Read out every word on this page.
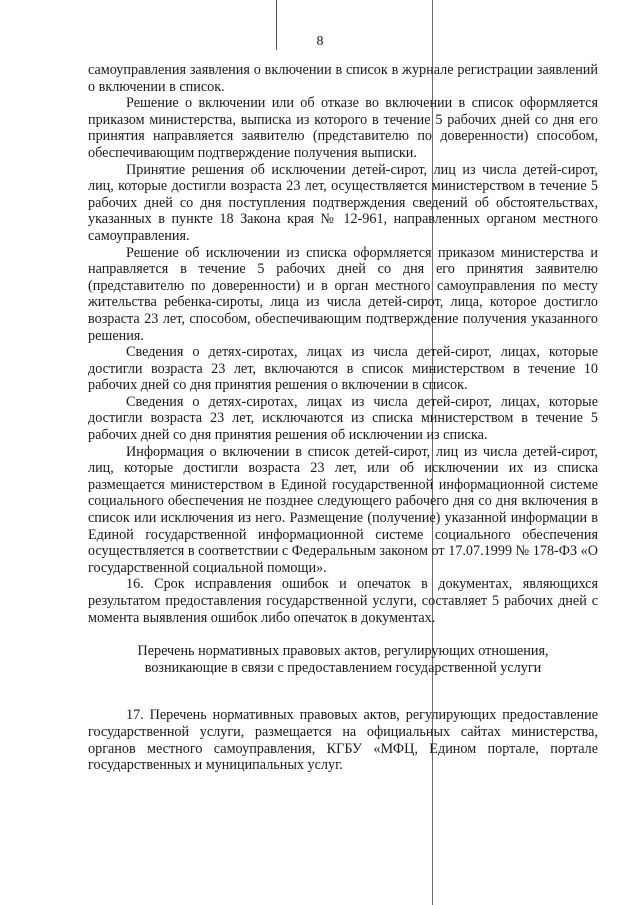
8

самоуправления заявления о включении в список в журнале регистрации заявлений о включении в список.

Решение о включении или об отказе во включении в список оформляется приказом министерства, выписка из которого в течение 5 рабочих дней со дня его принятия направляется заявителю (представителю по доверенности) способом, обеспечивающим подтверждение получения выписки.

Принятие решения об исключении детей-сирот, лиц из числа детей-сирот, лиц, которые достигли возраста 23 лет, осуществляется министерством в течение 5 рабочих дней со дня поступления подтверждения сведений об обстоятельствах, указанных в пункте 18 Закона края № 12-961, направленных органом местного самоуправления.

Решение об исключении из списка оформляется приказом министерства и направляется в течение 5 рабочих дней со дня его принятия заявителю (представителю по доверенности) и в орган местного самоуправления по месту жительства ребенка-сироты, лица из числа детей-сирот, лица, которое достигло возраста 23 лет, способом, обеспечивающим подтверждение получения указанного решения.

Сведения о детях-сиротах, лицах из числа детей-сирот, лицах, которые достигли возраста 23 лет, включаются в список министерством в течение 10 рабочих дней со дня принятия решения о включении в список.

Сведения о детях-сиротах, лицах из числа детей-сирот, лицах, которые достигли возраста 23 лет, исключаются из списка министерством в течение 5 рабочих дней со дня принятия решения об исключении из списка.

Информация о включении в список детей-сирот, лиц из числа детей-сирот, лиц, которые достигли возраста 23 лет, или об исключении их из списка размещается министерством в Единой государственной информационной системе социального обеспечения не позднее следующего рабочего дня со дня включения в список или исключения из него. Размещение (получение) указанной информации в Единой государственной информационной системе социального обеспечения осуществляется в соответствии с Федеральным законом от 17.07.1999 № 178-ФЗ «О государственной социальной помощи».

16. Срок исправления ошибок и опечаток в документах, являющихся результатом предоставления государственной услуги, составляет 5 рабочих дней с момента выявления ошибок либо опечаток в документах.

Перечень нормативных правовых актов, регулирующих отношения, возникающие в связи с предоставлением государственной услуги

17. Перечень нормативных правовых актов, регулирующих предоставление государственной услуги, размещается на официальных сайтах министерства, органов местного самоуправления, КГБУ «МФЦ, Едином портале, портале государственных и муниципальных услуг.
